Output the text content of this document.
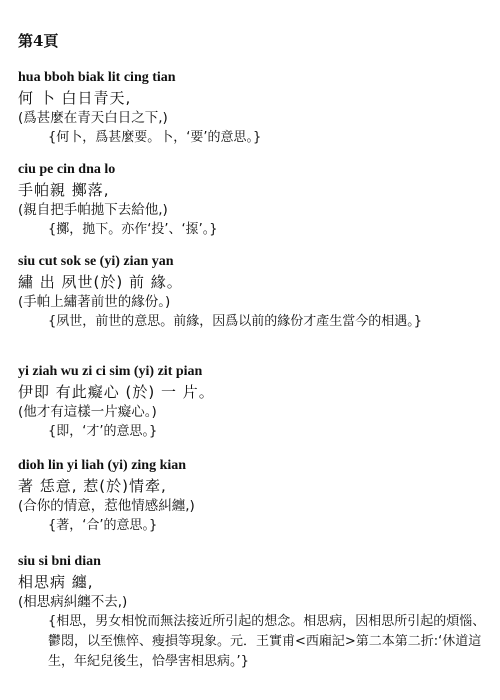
第4頁
hua bboh biak lit cing tian
何 卜 白日青天,
(爲甚麼在青天白日之下,)
{何卜，爲甚麼要。卜，‘要’的意思。}
ciu pe cin dna lo
手帕親 擲落,
(親自把手帕拋下去給他,)
{擲，拋下。亦作‘投’、‘揼’。}
siu cut sok se (yi) zian yan
繡 出 夙世(於) 前 緣。
(手帕上繡著前世的緣份。)
{夙世，前世的意思。前緣，因爲以前的緣份才產生當今的相遇。}
yi ziah wu zi ci sim (yi) zit pian
伊即 有此癡心 (於) 一 片。
(他才有這樣一片癡心。)
{即，‘才’的意思。}
dioh lin yi liah (yi) zing kian
著 恁意, 惹(於)情牽,
(合你的情意，惹他情感糾纏,)
{著，‘合’的意思。}
siu si bni dian
相思病 纏,
(相思病糾纏不去,)
{相思，男女相悅而無法接近所引起的想念。相思病，因相思所引起的煩惱、鬱悶，以至憔悴、瘦損等現象。元．王實甫<西廂記>第二本第二折:‘休道這生，年紀兒後生，恰學害相思病。’}
